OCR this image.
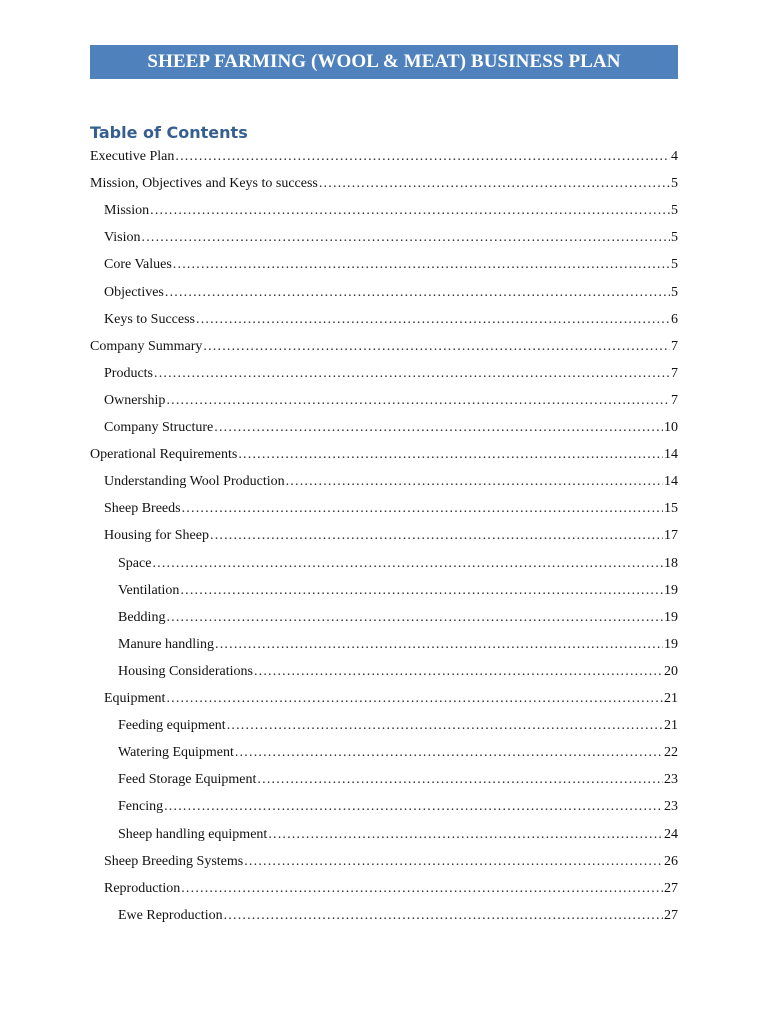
SHEEP FARMING (WOOL & MEAT) BUSINESS PLAN
Table of Contents
Executive Plan .....	4
Mission, Objectives and Keys to success .....	5
Mission .....	5
Vision .....	5
Core Values .....	5
Objectives .....	5
Keys to Success .....	6
Company Summary .....	7
Products .....	7
Ownership .....	7
Company Structure .....	10
Operational Requirements .....	14
Understanding Wool Production .....	14
Sheep Breeds .....	15
Housing for Sheep .....	17
Space .....	18
Ventilation .....	19
Bedding .....	19
Manure handling .....	19
Housing Considerations .....	20
Equipment .....	21
Feeding equipment .....	21
Watering Equipment .....	22
Feed Storage Equipment .....	23
Fencing .....	23
Sheep handling equipment .....	24
Sheep Breeding Systems .....	26
Reproduction .....	27
Ewe Reproduction .....	27
